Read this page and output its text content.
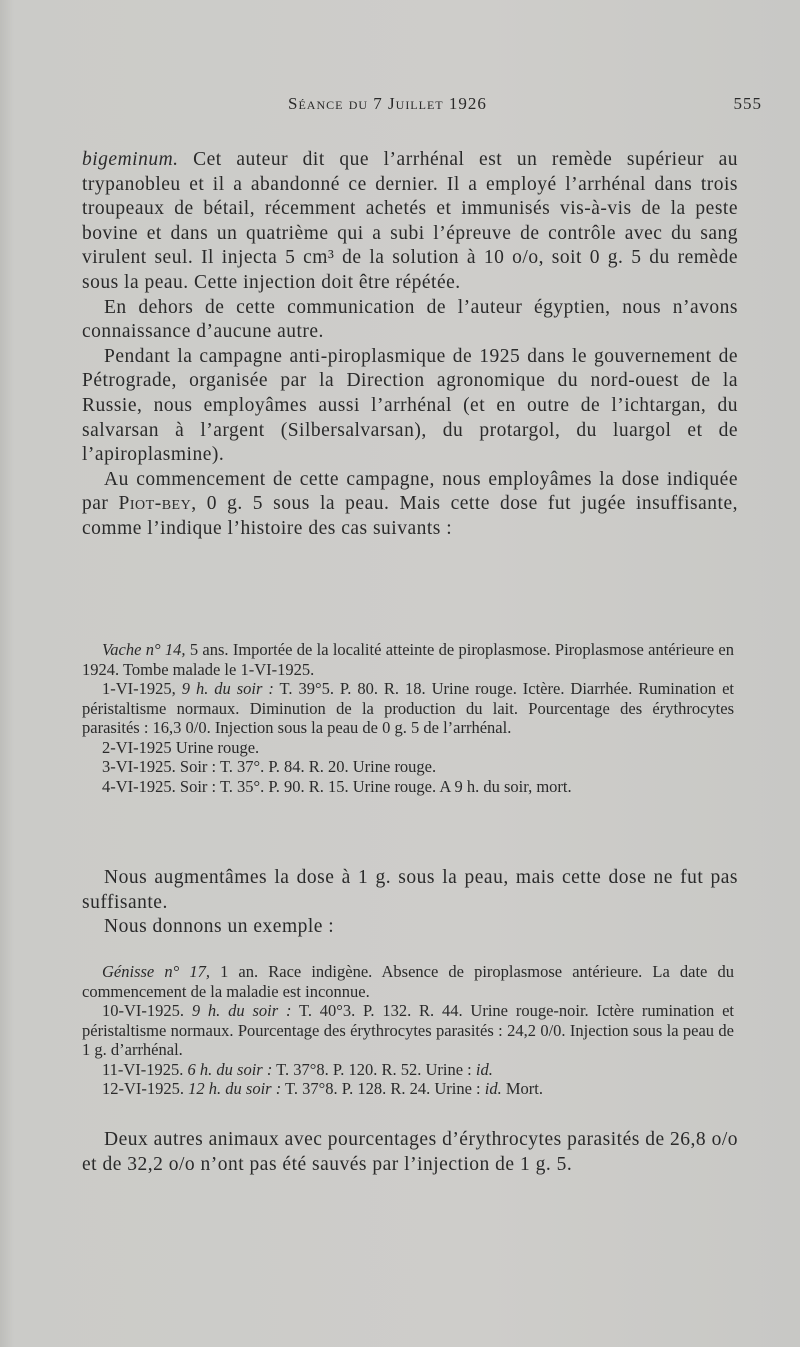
Séance du 7 Juillet 1926	555

bigeminum. Cet auteur dit que l’arrhénal est un remède supérieur au trypanobleu et il a abandonné ce dernier. Il a employé l’arrhénal dans trois troupeaux de bétail, récemment achetés et immunisés vis-à-vis de la peste bovine et dans un quatrième qui a subi l’épreuve de contrôle avec du sang virulent seul. Il injecta 5 cm³ de la solution à 10 o/o, soit 0 g. 5 du remède sous la peau. Cette injection doit être répétée.

En dehors de cette communication de l’auteur égyptien, nous n’avons connaissance d’aucune autre.

Pendant la campagne anti-piroplasmique de 1925 dans le gouvernement de Pétrograde, organisée par la Direction agronomique du nord-ouest de la Russie, nous employâmes aussi l’arrhénal (et en outre de l’ichtargan, du salvarsan à l’argent (Silbersalvarsan), du protargol, du luargol et de l’apiroplasmine).

Au commencement de cette campagne, nous employâmes la dose indiquée par Piot-bey, 0 g. 5 sous la peau. Mais cette dose fut jugée insuffisante, comme l’indique l’histoire des cas suivants :

Vache n° 14, 5 ans. Importée de la localité atteinte de piroplasmose. Piroplasmose antérieure en 1924. Tombe malade le 1-VI-1925.

1-VI-1925, 9 h. du soir : T. 39°5. P. 80. R. 18. Urine rouge. Ictère. Diarrhée. Rumination et péristaltisme normaux. Diminution de la production du lait. Pourcentage des érythrocytes parasités : 16,3 0/0. Injection sous la peau de 0 g. 5 de l’arrhénal.

2-VI-1925 Urine rouge.

3-VI-1925. Soir : T. 37°. P. 84. R. 20. Urine rouge.

4-VI-1925. Soir : T. 35°. P. 90. R. 15. Urine rouge. A 9 h. du soir, mort.

Nous augmentâmes la dose à 1 g. sous la peau, mais cette dose ne fut pas suffisante.

Nous donnons un exemple :

Génisse n° 17, 1 an. Race indigène. Absence de piroplasmose antérieure. La date du commencement de la maladie est inconnue.

10-VI-1925. 9 h. du soir : T. 40°3. P. 132. R. 44. Urine rouge-noir. Ictère rumination et péristaltisme normaux. Pourcentage des érythrocytes parasités : 24,2 0/0. Injection sous la peau de 1 g. d’arrhénal.

11-VI-1925. 6 h. du soir : T. 37°8. P. 120. R. 52. Urine : id.

12-VI-1925. 12 h. du soir : T. 37°8. P. 128. R. 24. Urine : id. Mort.

Deux autres animaux avec pourcentages d’érythrocytes parasités de 26,8 o/o et de 32,2 o/o n’ont pas été sauvés par l’injection de 1 g. 5.
